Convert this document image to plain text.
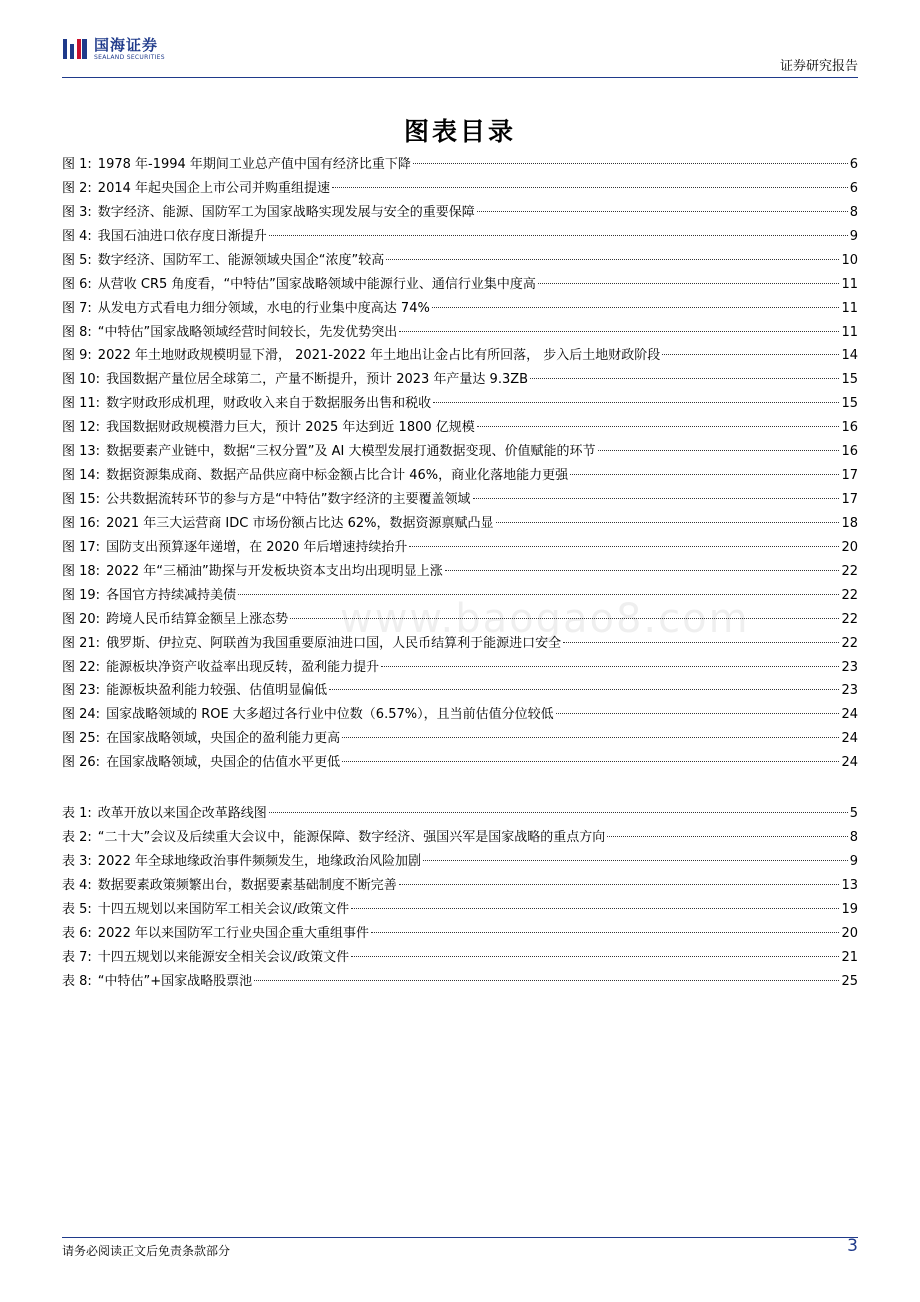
国海证券
SEALAND SECURITIES
证券研究报告
图表目录
www.baogao8.com
图 1: 1978 年-1994 年期间工业总产值中国有经济比重下降	6
图 2: 2014 年起央国企上市公司并购重组提速	6
图 3: 数字经济、能源、国防军工为国家战略实现发展与安全的重要保障	8
图 4: 我国石油进口依存度日渐提升	9
图 5: 数字经济、国防军工、能源领域央国企“浓度”较高	10
图 6: 从营收 CR5 角度看，“中特估”国家战略领域中能源行业、通信行业集中度高	11
图 7: 从发电方式看电力细分领域，水电的行业集中度高达 74%	11
图 8: “中特估”国家战略领域经营时间较长，先发优势突出	11
图 9: 2022 年土地财政规模明显下滑， 2021-2022 年土地出让金占比有所回落， 步入后土地财政阶段	14
图 10: 我国数据产量位居全球第二，产量不断提升，预计 2023 年产量达 9.3ZB	15
图 11: 数字财政形成机理，财政收入来自于数据服务出售和税收	15
图 12: 我国数据财政规模潜力巨大，预计 2025 年达到近 1800 亿规模	16
图 13: 数据要素产业链中，数据“三权分置”及 AI 大模型发展打通数据变现、价值赋能的环节	16
图 14: 数据资源集成商、数据产品供应商中标金额占比合计 46%，商业化落地能力更强	17
图 15: 公共数据流转环节的参与方是“中特估”数字经济的主要覆盖领域	17
图 16: 2021 年三大运营商 IDC 市场份额占比达 62%，数据资源禀赋凸显	18
图 17: 国防支出预算逐年递增，在 2020 年后增速持续抬升	20
图 18: 2022 年“三桶油”勘探与开发板块资本支出均出现明显上涨	22
图 19: 各国官方持续减持美债	22
图 20: 跨境人民币结算金额呈上涨态势	22
图 21: 俄罗斯、伊拉克、阿联酋为我国重要原油进口国，人民币结算利于能源进口安全	22
图 22: 能源板块净资产收益率出现反转，盈利能力提升	23
图 23: 能源板块盈利能力较强、估值明显偏低	23
图 24: 国家战略领域的 ROE 大多超过各行业中位数（6.57%），且当前估值分位较低	24
图 25: 在国家战略领域，央国企的盈利能力更高	24
图 26: 在国家战略领域，央国企的估值水平更低	24
表 1: 改革开放以来国企改革路线图	5
表 2: “二十大”会议及后续重大会议中，能源保障、数字经济、强国兴军是国家战略的重点方向	8
表 3: 2022 年全球地缘政治事件频频发生，地缘政治风险加剧	9
表 4: 数据要素政策频繁出台，数据要素基础制度不断完善	13
表 5: 十四五规划以来国防军工相关会议/政策文件	19
表 6: 2022 年以来国防军工行业央国企重大重组事件	20
表 7: 十四五规划以来能源安全相关会议/政策文件	21
表 8: “中特估”+国家战略股票池	25
请务必阅读正文后免责条款部分	3
